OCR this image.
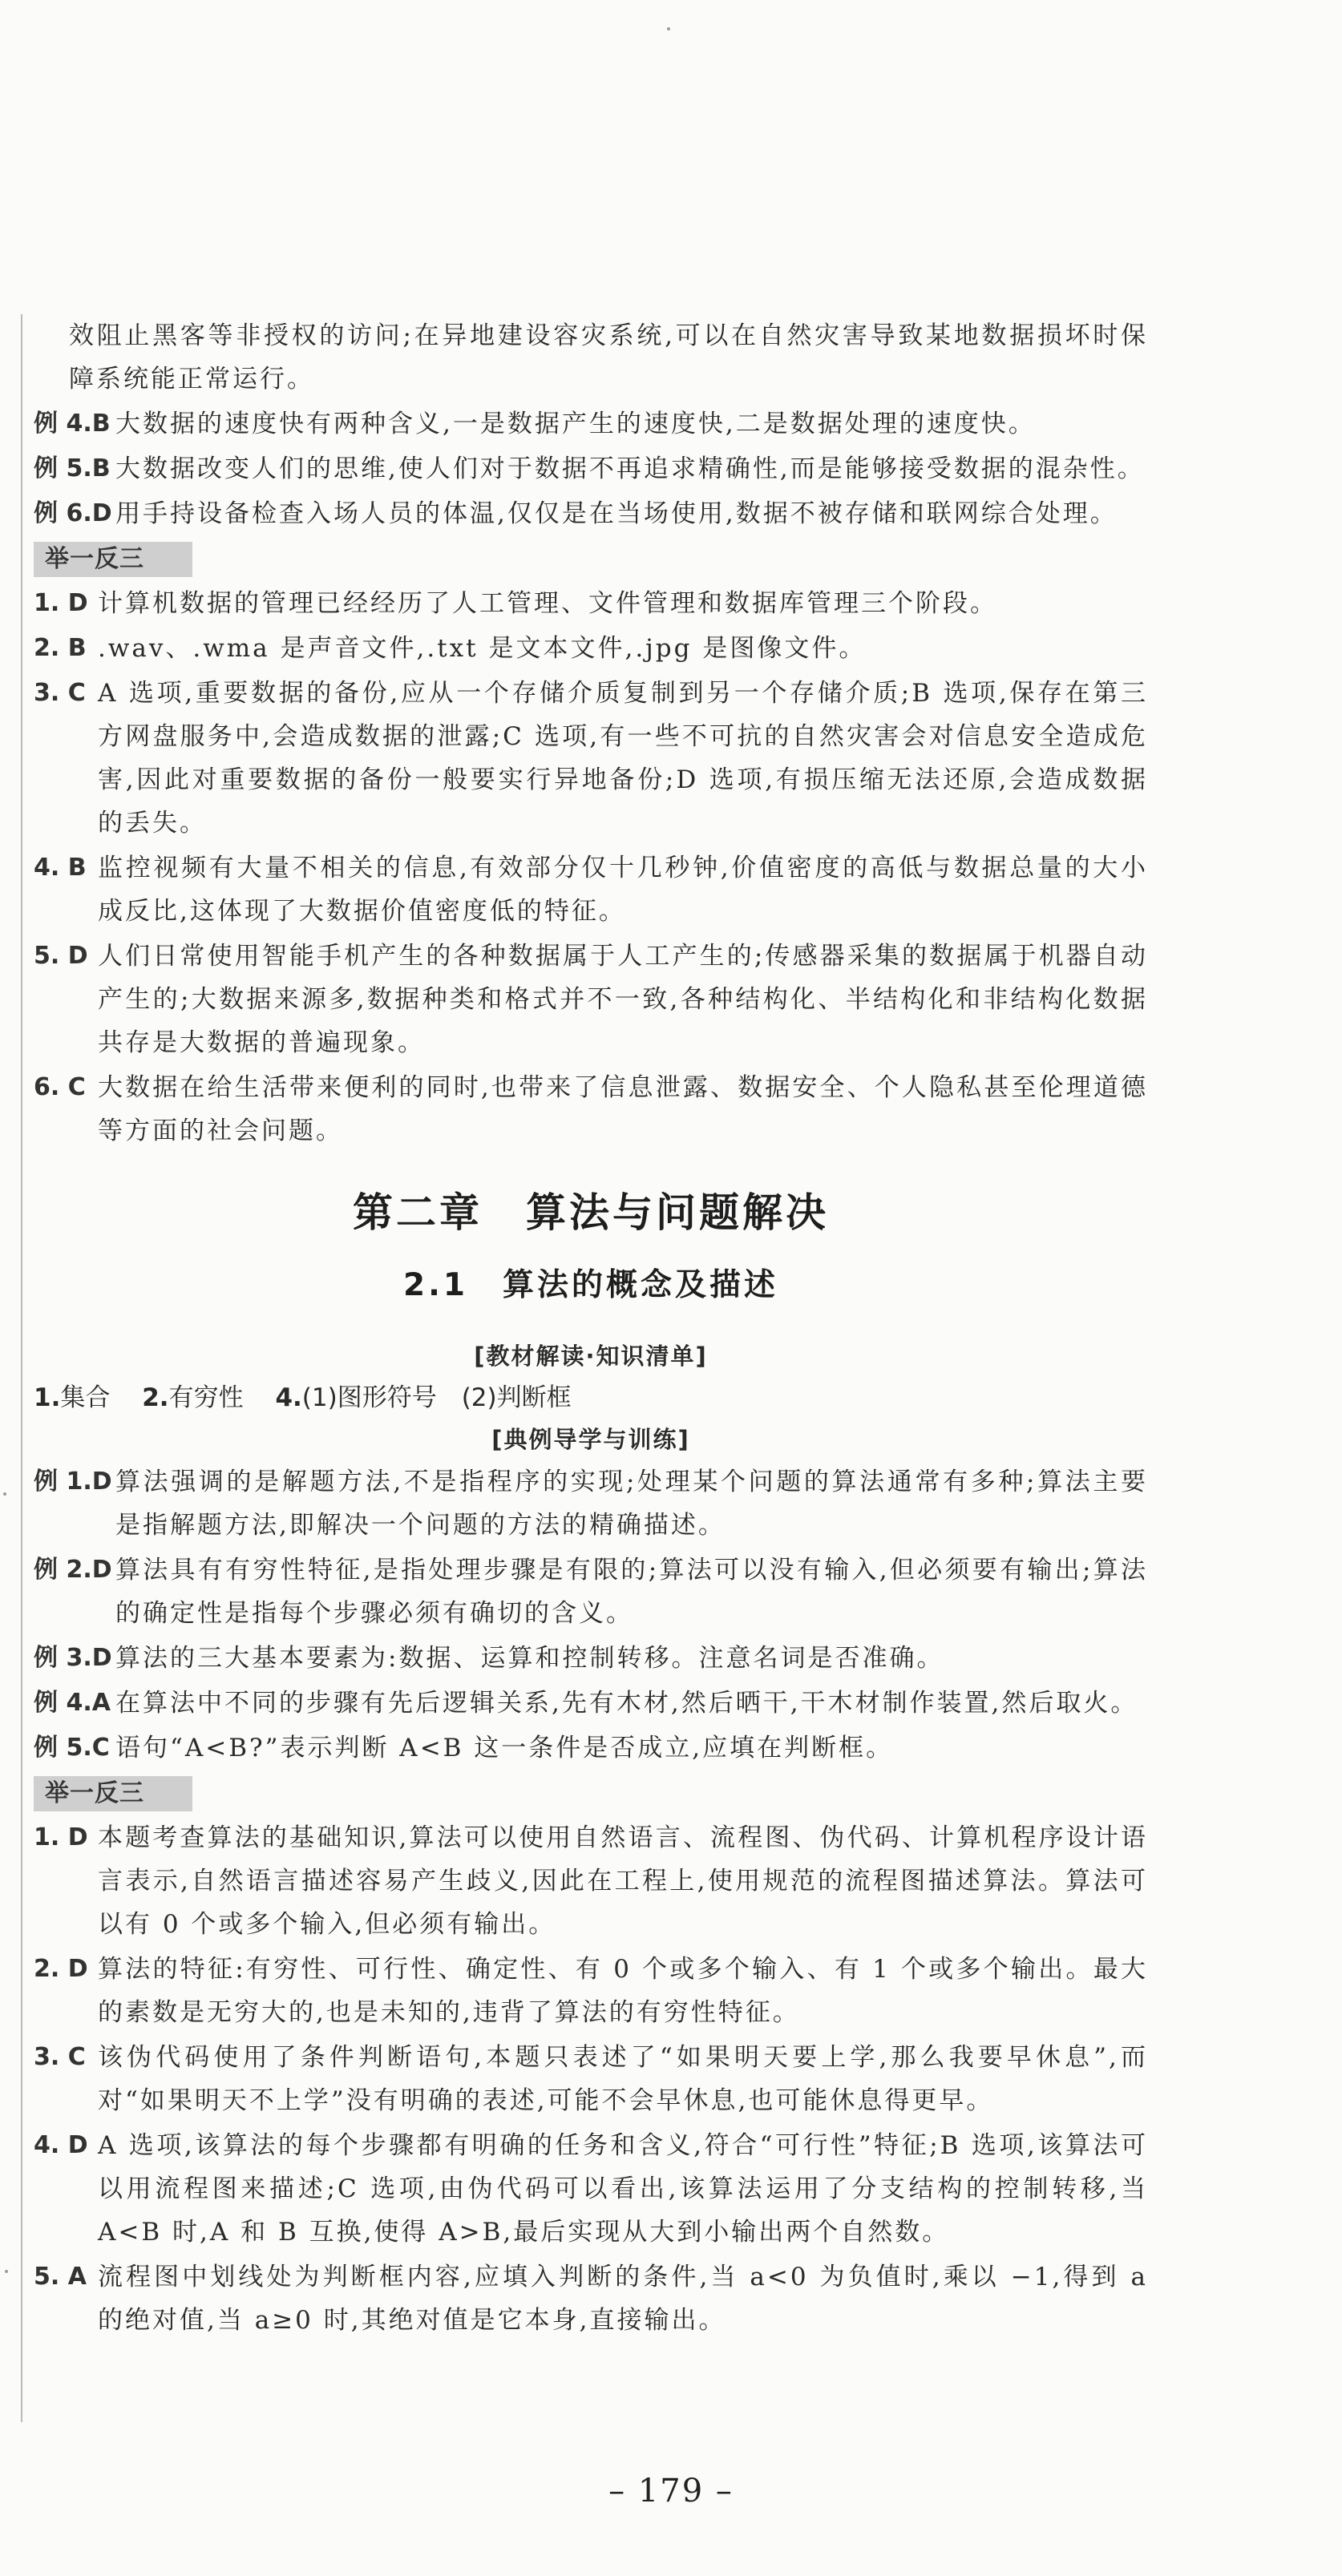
效阻止黑客等非授权的访问;在异地建设容灾系统,可以在自然灾害导致某地数据损坏时保障系统能正常运行。

例 4.B 大数据的速度快有两种含义,一是数据产生的速度快,二是数据处理的速度快。

例 5.B 大数据改变人们的思维,使人们对于数据不再追求精确性,而是能够接受数据的混杂性。

例 6.D 用手持设备检查入场人员的体温,仅仅是在当场使用,数据不被存储和联网综合处理。

举一反三
1. D 计算机数据的管理已经经历了人工管理、文件管理和数据库管理三个阶段。

2. B .wav、.wma 是声音文件,.txt 是文本文件,.jpg 是图像文件。

3. C A 选项,重要数据的备份,应从一个存储介质复制到另一个存储介质;B 选项,保存在第三方网盘服务中,会造成数据的泄露;C 选项,有一些不可抗的自然灾害会对信息安全造成危害,因此对重要数据的备份一般要实行异地备份;D 选项,有损压缩无法还原,会造成数据的丢失。

4. B 监控视频有大量不相关的信息,有效部分仅十几秒钟,价值密度的高低与数据总量的大小成反比,这体现了大数据价值密度低的特征。

5. D 人们日常使用智能手机产生的各种数据属于人工产生的;传感器采集的数据属于机器自动产生的;大数据来源多,数据种类和格式并不一致,各种结构化、半结构化和非结构化数据共存是大数据的普遍现象。

6. C 大数据在给生活带来便利的同时,也带来了信息泄露、数据安全、个人隐私甚至伦理道德等方面的社会问题。

第二章　算法与问题解决
2.1　算法的概念及描述
[教材解读·知识清单]
1.集合 2.有穷性 4.(1)图形符号　(2)判断框
[典例导学与训练]
例 1.D 算法强调的是解题方法,不是指程序的实现;处理某个问题的算法通常有多种;算法主要是指解题方法,即解决一个问题的方法的精确描述。

例 2.D 算法具有有穷性特征,是指处理步骤是有限的;算法可以没有输入,但必须要有输出;算法的确定性是指每个步骤必须有确切的含义。

例 3.D 算法的三大基本要素为:数据、运算和控制转移。注意名词是否准确。

例 4.A 在算法中不同的步骤有先后逻辑关系,先有木材,然后晒干,干木材制作装置,然后取火。

例 5.C 语句“A<B?”表示判断 A<B 这一条件是否成立,应填在判断框。

举一反三
1. D 本题考查算法的基础知识,算法可以使用自然语言、流程图、伪代码、计算机程序设计语言表示,自然语言描述容易产生歧义,因此在工程上,使用规范的流程图描述算法。算法可以有 0 个或多个输入,但必须有输出。

2. D 算法的特征:有穷性、可行性、确定性、有 0 个或多个输入、有 1 个或多个输出。最大的素数是无穷大的,也是未知的,违背了算法的有穷性特征。

3. C 该伪代码使用了条件判断语句,本题只表述了“如果明天要上学,那么我要早休息”,而对“如果明天不上学”没有明确的表述,可能不会早休息,也可能休息得更早。

4. D A 选项,该算法的每个步骤都有明确的任务和含义,符合“可行性”特征;B 选项,该算法可以用流程图来描述;C 选项,由伪代码可以看出,该算法运用了分支结构的控制转移,当 A<B 时,A 和 B 互换,使得 A>B,最后实现从大到小输出两个自然数。

5. A 流程图中划线处为判断框内容,应填入判断的条件,当 a<0 为负值时,乘以 −1,得到 a 的绝对值,当 a≥0 时,其绝对值是它本身,直接输出。

– 179 –
